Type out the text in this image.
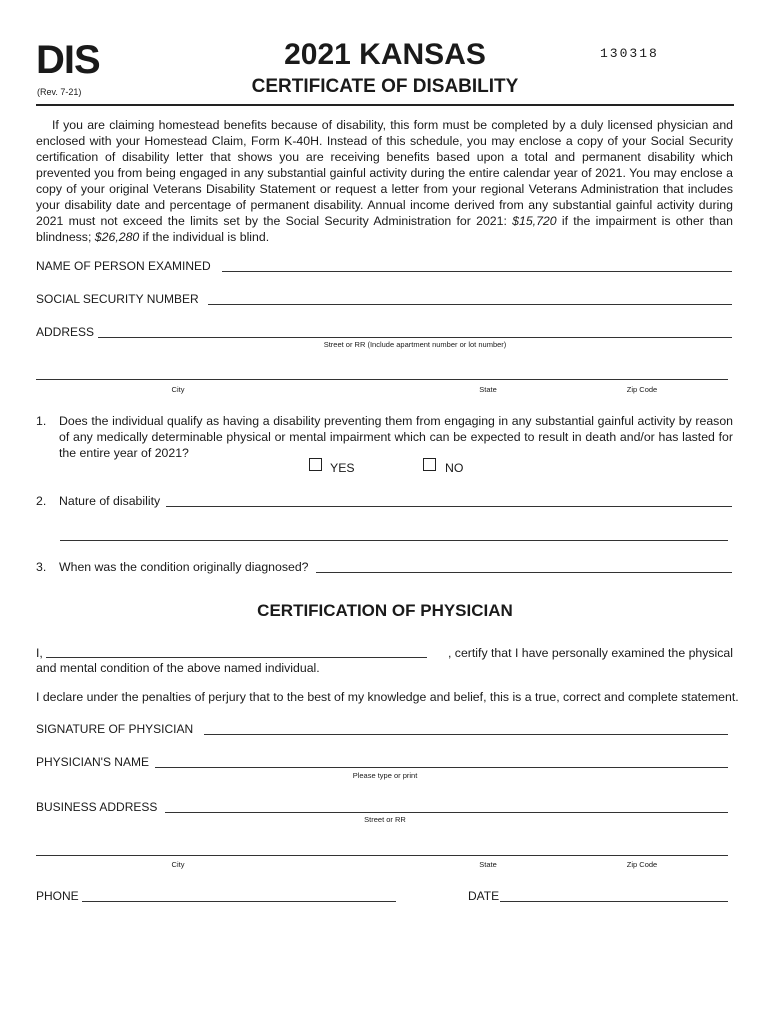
DIS
(Rev. 7-21)
2021 KANSAS
CERTIFICATE OF DISABILITY
130318
If you are claiming homestead benefits because of disability, this form must be completed by a duly licensed physician and enclosed with your Homestead Claim, Form K-40H. Instead of this schedule, you may enclose a copy of your Social Security certification of disability letter that shows you are receiving benefits based upon a total and permanent disability which prevented you from being engaged in any substantial gainful activity during the entire calendar year of 2021. You may enclose a copy of your original Veterans Disability Statement or request a letter from your regional Veterans Administration that includes your disability date and percentage of permanent disability. Annual income derived from any substantial gainful activity during 2021 must not exceed the limits set by the Social Security Administration for 2021: $15,720 if the impairment is other than blindness; $26,280 if the individual is blind.
NAME OF PERSON EXAMINED
SOCIAL SECURITY NUMBER
ADDRESS
Street or RR (Include apartment number or lot number)
City	State	Zip Code
1. Does the individual qualify as having a disability preventing them from engaging in any substantial gainful activity by reason of any medically determinable physical or mental impairment which can be expected to result in death and/or has lasted for the entire year of 2021?
YES	NO
2. Nature of disability
3. When was the condition originally diagnosed?
CERTIFICATION OF PHYSICIAN
I,	, certify that I have personally examined the physical
and mental condition of the above named individual.
I declare under the penalties of perjury that to the best of my knowledge and belief, this is a true, correct and complete statement.
SIGNATURE OF PHYSICIAN
PHYSICIAN'S NAME
Please type or print
BUSINESS ADDRESS
Street or RR
City	State	Zip Code
PHONE	DATE
